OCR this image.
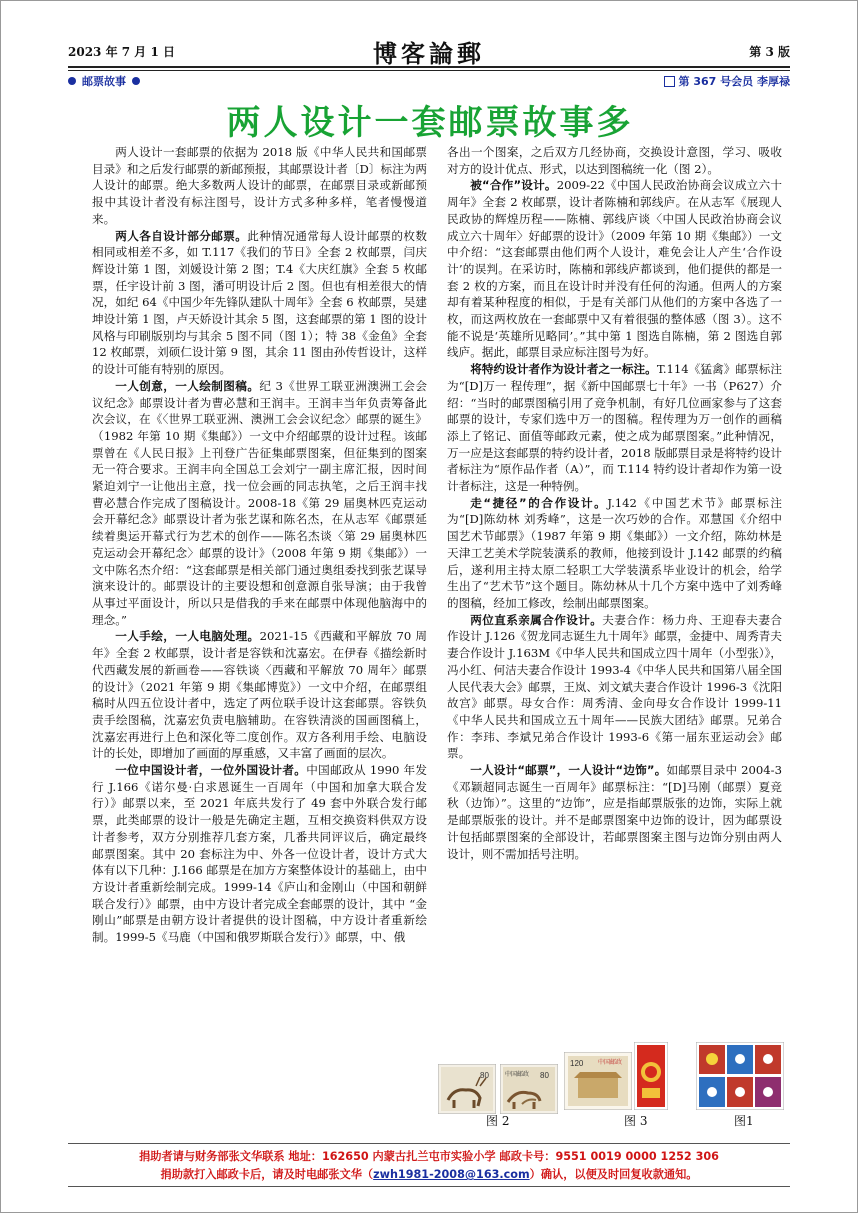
2023 年 7 月 1 日	博客論郵	第 3 版
邮票故事	第 367 号会员 李厚禄
两人设计一套邮票故事多

两人设计一套邮票的依据为 2018 版《中华人民共和国邮票目录》和之后发行邮票的新邮预报，其邮票设计者〔D〕标注为两人设计的邮票。绝大多数两人设计的邮票，在邮票目录或新邮预报中其设计者没有标注图号，设计方式多种多样，笔者慢慢道来。

两人各自设计部分邮票。此种情况通常每人设计邮票的枚数相同或相差不多，如 T.117《我们的节日》全套 2 枚邮票，闫庆辉设计第 1 图，刘媛设计第 2 图；T.4《大庆红旗》全套 5 枚邮票，任宇设计前 3 图，潘可明设计后 2 图。但也有相差很大的情况，如纪 64《中国少年先锋队建队十周年》全套 6 枚邮票，吴建坤设计第 1 图，卢天娇设计其余 5 图，这套邮票的第 1 图的设计风格与印刷版别均与其余 5 图不同（图 1）；特 38《金鱼》全套 12 枚邮票，刘硕仁设计第 9 图，其余 11 图由孙传哲设计，这样的设计可能有特别的原因。

一人创意，一人绘制图稿。纪 3《世界工联亚洲澳洲工会会议纪念》邮票设计者为曹必慧和王润丰。王润丰当年负责筹备此次会议，在《〈世界工联亚洲、澳洲工会会议纪念〉邮票的诞生》（1982 年第 10 期《集邮》）一文中介绍邮票的设计过程。该邮票曾在《人民日报》上刊登广告征集邮票图案，但征集到的图案无一符合要求。王润丰向全国总工会刘宁一副主席汇报，因时间紧迫刘宁一让他出主意，找一位会画的同志执笔，之后王润丰找曹必慧合作完成了图稿设计。2008-18《第 29 届奥林匹克运动会开幕纪念》邮票设计者为张艺谋和陈名杰，在从志军《邮票延续着奥运开幕式行为艺术的创作——陈名杰谈〈第 29 届奥林匹克运动会开幕纪念〉邮票的设计》（2008 年第 9 期《集邮》）一文中陈名杰介绍：“这套邮票是相关部门通过奥组委找到张艺谋导演来设计的。邮票设计的主要设想和创意源自张导演；由于我曾从事过平面设计，所以只是借我的手来在邮票中体现他脑海中的理念。”

一人手绘，一人电脑处理。2021-15《西藏和平解放 70 周年》全套 2 枚邮票，设计者是容铁和沈嘉宏。在伊春《描绘新时代西藏发展的新画卷——容铁谈〈西藏和平解放 70 周年〉邮票的设计》（2021 年第 9 期《集邮博览》）一文中介绍，在邮票组稿时从四五位设计者中，选定了两位联手设计这套邮票。容铁负责手绘图稿，沈嘉宏负责电脑辅助。在容铁清淡的国画图稿上，沈嘉宏再进行上色和深化等二度创作。双方各利用手绘、电脑设计的长处，即增加了画面的厚重感，又丰富了画面的层次。

一位中国设计者，一位外国设计者。中国邮政从 1990 年发行 J.166《诺尔曼·白求恩诞生一百周年（中国和加拿大联合发行）》邮票以来，至 2021 年底共发行了 49 套中外联合发行邮票，此类邮票的设计一般是先确定主题，互相交换资料供双方设计者参考，双方分别推荐几套方案，几番共同评议后，确定最终邮票图案。其中 20 套标注为中、外各一位设计者，设计方式大体有以下几种：J.166 邮票是在加方方案整体设计的基础上，由中方设计者重新绘制完成。1999-14《庐山和金刚山（中国和朝鲜联合发行）》邮票，由中方设计者完成全套邮票的设计，其中 “金刚山”邮票是由朝方设计者提供的设计图稿，中方设计者重新绘制。1999-5《马鹿（中国和俄罗斯联合发行）》邮票，中、俄

各出一个图案，之后双方几经协商，交换设计意图，学习、吸收对方的设计优点、形式，以达到图稿统一化（图 2）。

被“合作”设计。2009-22《中国人民政治协商会议成立六十周年》全套 2 枚邮票，设计者陈楠和郭线庐。在从志军《展现人民政协的辉煌历程——陈楠、郭线庐谈〈中国人民政治协商会议成立六十周年〉好邮票的设计》（2009 年第 10 期《集邮》）一文中介绍：“这套邮票由他们两个人设计，难免会让人产生‘合作设计’的误判。在采访时，陈楠和郭线庐都谈到，他们提供的都是一套 2 枚的方案，而且在设计时并没有任何的沟通。但两人的方案却有着某种程度的相似，于是有关部门从他们的方案中各选了一枚，而这两枚放在一套邮票中又有着很强的整体感（图 3）。这不能不说是‘英雄所见略同’。”其中第 1 图选自陈楠，第 2 图选自郭线庐。据此，邮票目录应标注图号为好。

将特约设计者作为设计者之一标注。T.114《猛禽》邮票标注为“[D]万一 程传理”，据《新中国邮票七十年》一书（P627）介绍：“当时的邮票图稿引用了竞争机制，有好几位画家参与了这套邮票的设计，专家们选中万一的图稿。程传理为万一创作的画稿添上了铭记、面值等邮政元素，使之成为邮票图案。”此种情况，万一应是这套邮票的特约设计者，2018 版邮票目录是将特约设计者标注为“原作品作者（A）”，而 T.114 特约设计者却作为第一设计者标注，这是一种特例。

走“捷径”的合作设计。J.142《中国艺术节》邮票标注为“[D]陈幼林 刘秀峰”，这是一次巧妙的合作。邓慧国《介绍中国艺术节邮票》（1987 年第 9 期《集邮》）一文介绍，陈幼林是天津工艺美术学院装潢系的教师，他接到设计 J.142 邮票的约稿后，遂利用主持太原二轻职工大学装潢系毕业设计的机会，给学生出了“艺术节”这个题目。陈幼林从十几个方案中选中了刘秀峰的图稿，经加工修改，绘制出邮票图案。

两位直系亲属合作设计。夫妻合作：杨力舟、王迎春夫妻合作设计 J.126《贺龙同志诞生九十周年》邮票，金捷中、周秀青夫妻合作设计 J.163M《中华人民共和国成立四十周年（小型张）》，冯小红、何洁夫妻合作设计 1993-4《中华人民共和国第八届全国人民代表大会》邮票，王岚、刘文斌夫妻合作设计 1996-3《沈阳故宫》邮票。母女合作：周秀清、金向母女合作设计 1999-11《中华人民共和国成立五十周年——民族大团结》邮票。兄弟合作：李玮、李斌兄弟合作设计 1993-6《第一届东亚运动会》邮票。

一人设计“邮票”，一人设计“边饰”。如邮票目录中 2004-3《邓颖超同志诞生一百周年》邮票标注：“[D]马刚（邮票）夏竞秋（边饰）”。这里的“边饰”，应是指邮票版张的边饰，实际上就是邮票版张的设计。并不是邮票图案中边饰的设计，因为邮票设计包括邮票图案的全部设计，若邮票图案主图与边饰分别由两人设计，则不需加括号注明。

80	80
中国邮政
120 中国邮政
图 2	图 3	图1
捐助者请与财务部张文华联系 地址：162650 内蒙古扎兰屯市实验小学 邮政卡号：9551 0019 0000 1252 306
捐助款打入邮政卡后，请及时电邮张文华（zwh1981-2008@163.com）确认，以便及时回复收款通知。
